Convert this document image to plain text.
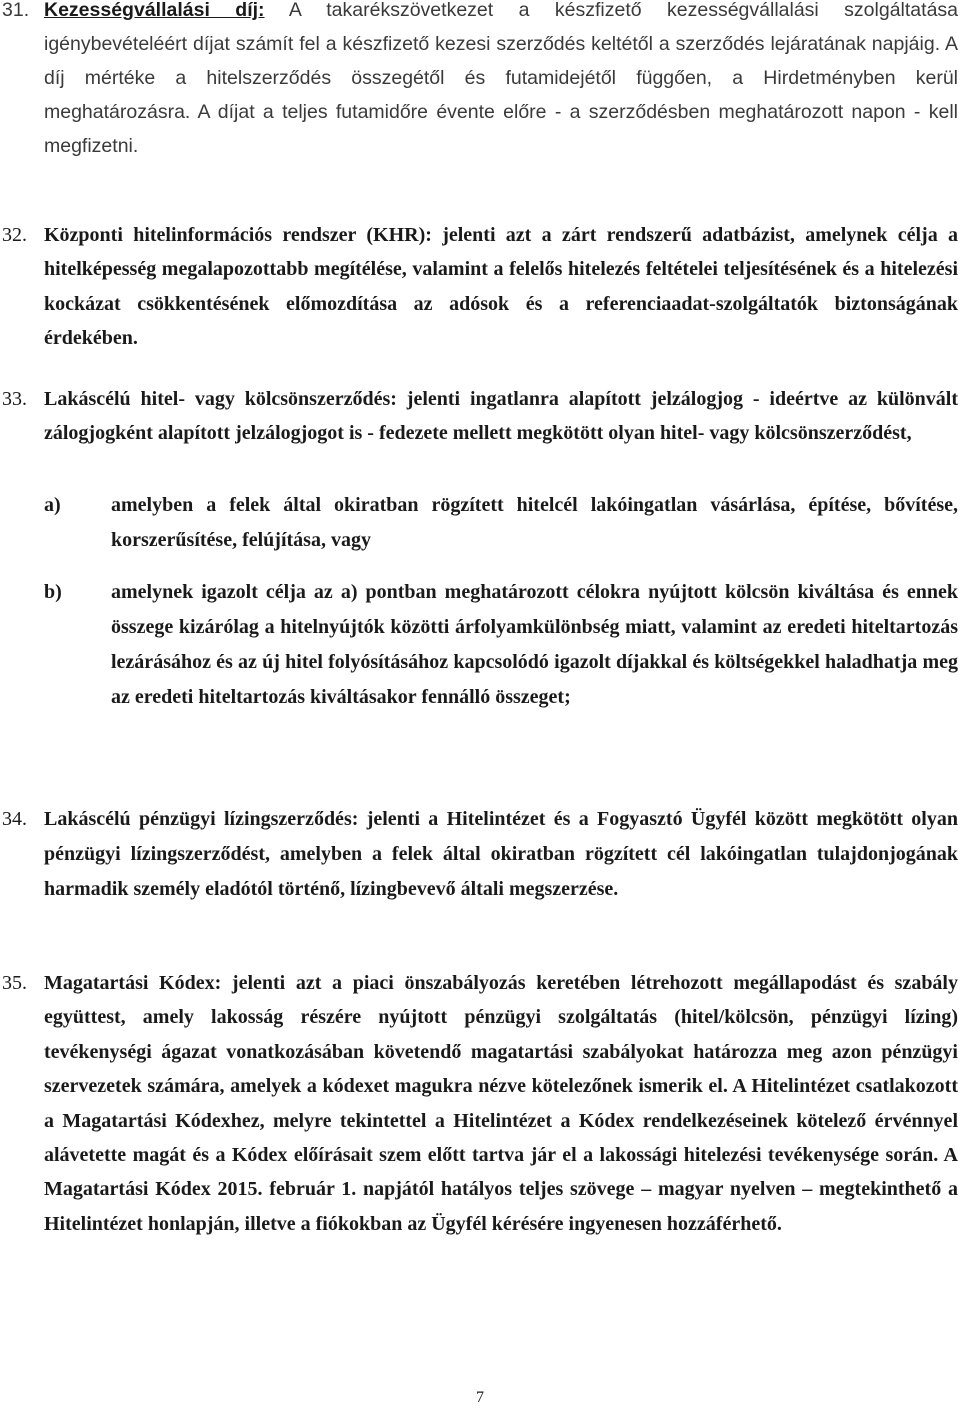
31. Kezességvállalási díj: A takarékszövetkezet a készfizető kezességvállalási szolgáltatása igénybevételéért díjat számít fel a készfizető kezesi szerződés keltétől a szerződés lejáratának napjáig. A díj mértéke a hitelszerződés összegétől és futamidejétől függően, a Hirdetményben kerül meghatározásra. A díjat a teljes futamidőre évente előre - a szerződésben meghatározott napon - kell megfizetni.
32. Központi hitelinformációs rendszer (KHR): jelenti azt a zárt rendszerű adatbázist, amelynek célja a hitelképesség megalapozottabb megítélése, valamint a felelős hitelezés feltételei teljesítésének és a hitelezési kockázat csökkentésének előmozdítása az adósok és a referenciaadat-szolgáltatók biztonságának érdekében.
33. Lakáscélú hitel- vagy kölcsönszerződés: jelenti ingatlanra alapított jelzálogjog - ideértve az különvált zálogjogként alapított jelzálogjogot is - fedezete mellett megkötött olyan hitel- vagy kölcsönszerződést,
a)	amelyben a felek által okiratban rögzített hitelcél lakóingatlan vásárlása, építése, bővítése, korszerűsítése, felújítása, vagy
b)	amelynek igazolt célja az a) pontban meghatározott célokra nyújtott kölcsön kiváltása és ennek összege kizárólag a hitelnyújtók közötti árfolyamkülönbség miatt, valamint az eredeti hiteltartozás lezárásához és az új hitel folyósításához kapcsolódó igazolt díjakkal és költségekkel haladhatja meg az eredeti hiteltartozás kiváltásakor fennálló összeget;
34. Lakáscélú pénzügyi lízingszerződés: jelenti a Hitelintézet és a Fogyasztó Ügyfél között megkötött olyan pénzügyi lízingszerződést, amelyben a felek által okiratban rögzített cél lakóingatlan tulajdonjogának harmadik személy eladótól történő, lízingbevevő általi megszerzése.
35. Magatartási Kódex: jelenti azt a piaci önszabályozás keretében létrehozott megállapodást és szabály együttest, amely lakosság részére nyújtott pénzügyi szolgáltatás (hitel/kölcsön, pénzügyi lízing) tevékenységi ágazat vonatkozásában követendő magatartási szabályokat határozza meg azon pénzügyi szervezetek számára, amelyek a kódexet magukra nézve kötelezőnek ismerik el. A Hitelintézet csatlakozott a Magatartási Kódexhez, melyre tekintettel a Hitelintézet a Kódex rendelkezéseinek kötelező érvénnyel alávetette magát és a Kódex előírásait szem előtt tartva jár el a lakossági hitelezési tevékenysége során. A Magatartási Kódex 2015. február 1. napjától hatályos teljes szövege – magyar nyelven – megtekinthető a Hitelintézet honlapján, illetve a fiókokban az Ügyfél kérésére ingyenesen hozzáférhető.
7
